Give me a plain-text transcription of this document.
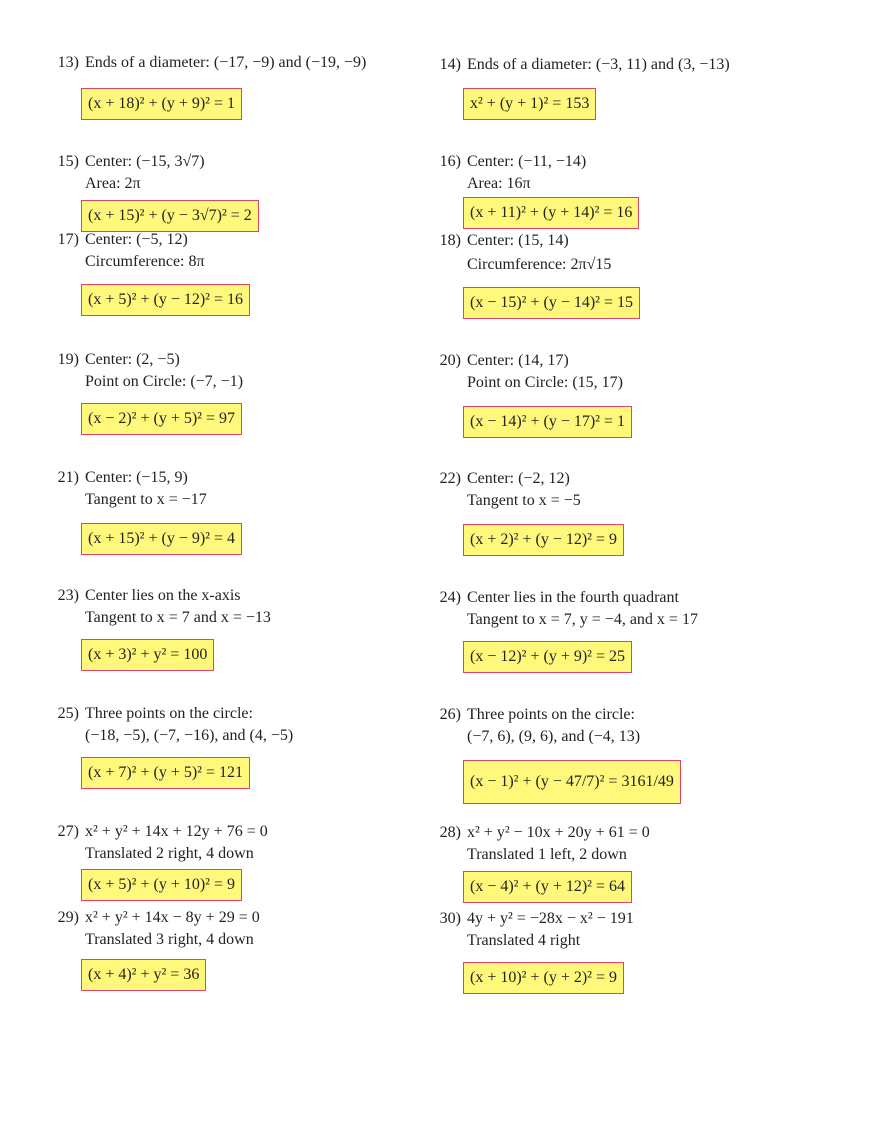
13) Ends of a diameter: (−17, −9) and (−19, −9)
(x + 18)² + (y + 9)² = 1
14) Ends of a diameter: (−3, 11) and (3, −13)
x² + (y + 1)² = 153
15) Center: (−15, 3√7)
Area: 2π
(x + 15)² + (y − 3√7)² = 2
16) Center: (−11, −14)
Area: 16π
(x + 11)² + (y + 14)² = 16
17) Center: (−5, 12)
Circumference: 8π
(x + 5)² + (y − 12)² = 16
18) Center: (15, 14)
Circumference: 2π√15
(x − 15)² + (y − 14)² = 15
19) Center: (2, −5)
Point on Circle: (−7, −1)
(x − 2)² + (y + 5)² = 97
20) Center: (14, 17)
Point on Circle: (15, 17)
(x − 14)² + (y − 17)² = 1
21) Center: (−15, 9)
Tangent to x = −17
(x + 15)² + (y − 9)² = 4
22) Center: (−2, 12)
Tangent to x = −5
(x + 2)² + (y − 12)² = 9
23) Center lies on the x-axis
Tangent to x = 7 and x = −13
(x + 3)² + y² = 100
24) Center lies in the fourth quadrant
Tangent to x = 7, y = −4, and x = 17
(x − 12)² + (y + 9)² = 25
25) Three points on the circle:
(−18, −5), (−7, −16), and (4, −5)
(x + 7)² + (y + 5)² = 121
26) Three points on the circle:
(−7, 6), (9, 6), and (−4, 13)
(x − 1)² + (y − 47/7)² = 3161/49
27) x² + y² + 14x + 12y + 76 = 0
Translated 2 right, 4 down
(x + 5)² + (y + 10)² = 9
28) x² + y² − 10x + 20y + 61 = 0
Translated 1 left, 2 down
(x − 4)² + (y + 12)² = 64
29) x² + y² + 14x − 8y + 29 = 0
Translated 3 right, 4 down
(x + 4)² + y² = 36
30) 4y + y² = −28x − x² − 191
Translated 4 right
(x + 10)² + (y + 2)² = 9
